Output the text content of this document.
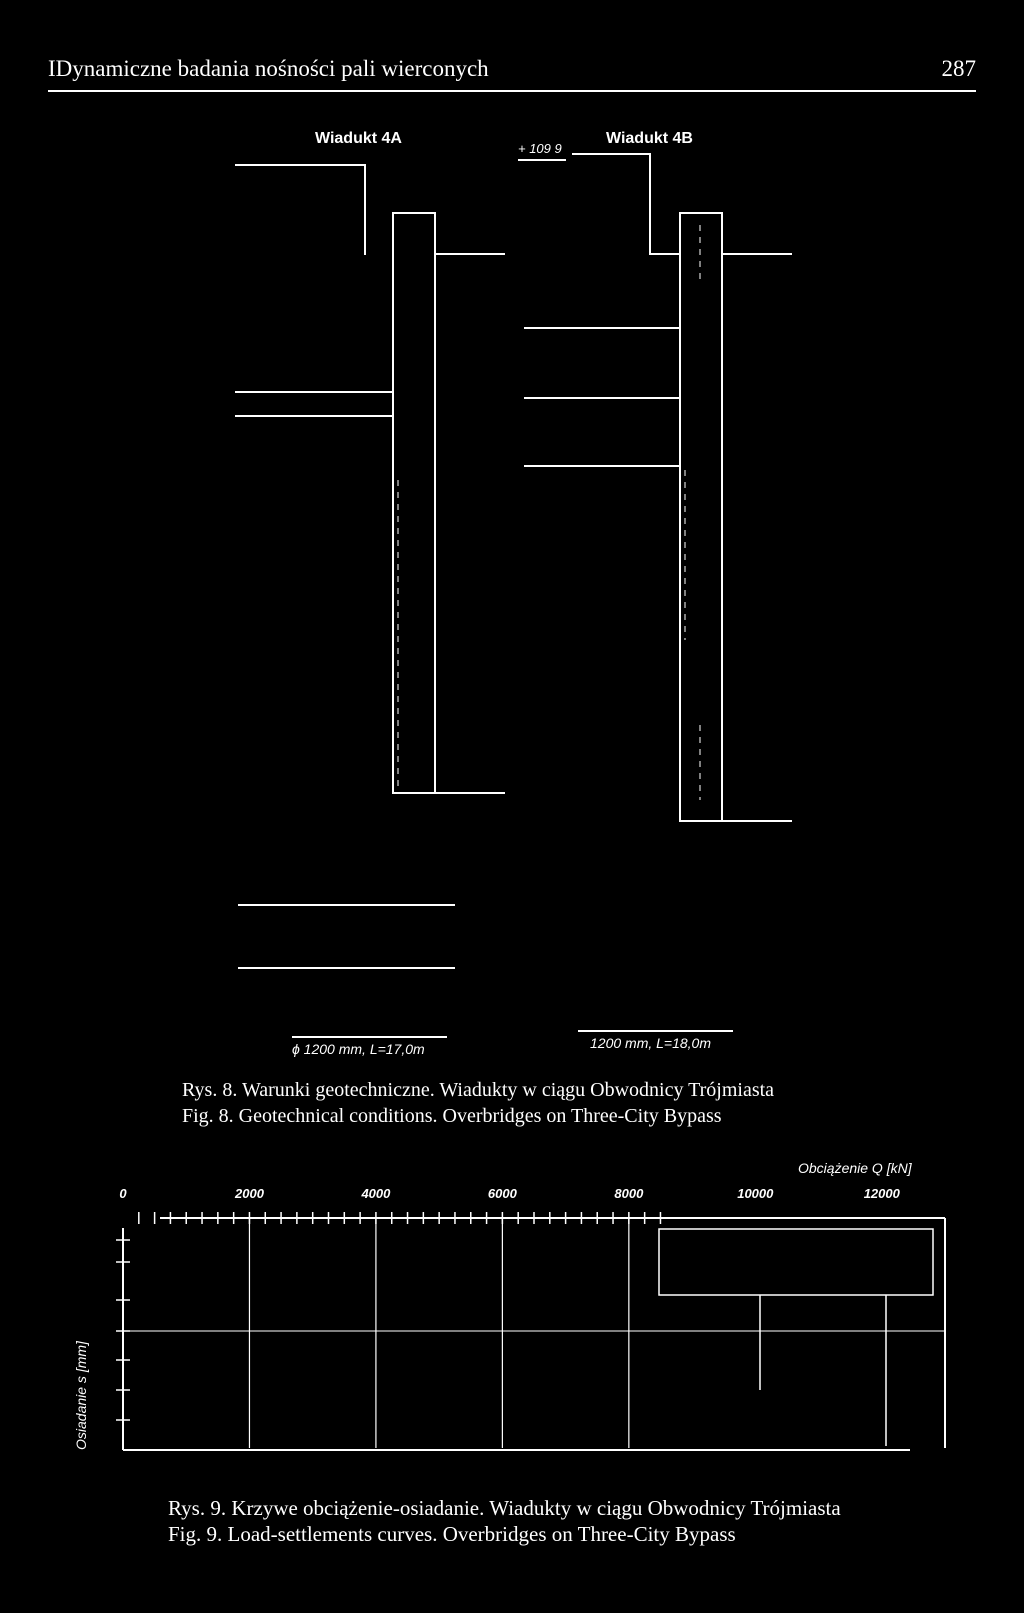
IDynamiczne badania nośności pali wierconych	287
Wiadukt 4A
+ 109 9
Wiadukt 4B
ϕ 1200 mm, L=17,0m	1200 mm, L=18,0m
Rys. 8. Warunki geotechniczne. Wiadukty w ciągu Obwodnicy Trójmiasta
Fig. 8. Geotechnical conditions. Overbridges on Three-City Bypass
0	2000	4000	6000	8000	10000	12000
Obciążenie Q [kN]
Osiadanie s [mm]
Rys. 9. Krzywe obciążenie-osiadanie. Wiadukty w ciągu Obwodnicy Trójmiasta
Fig. 9. Load-settlements curves. Overbridges on Three-City Bypass
